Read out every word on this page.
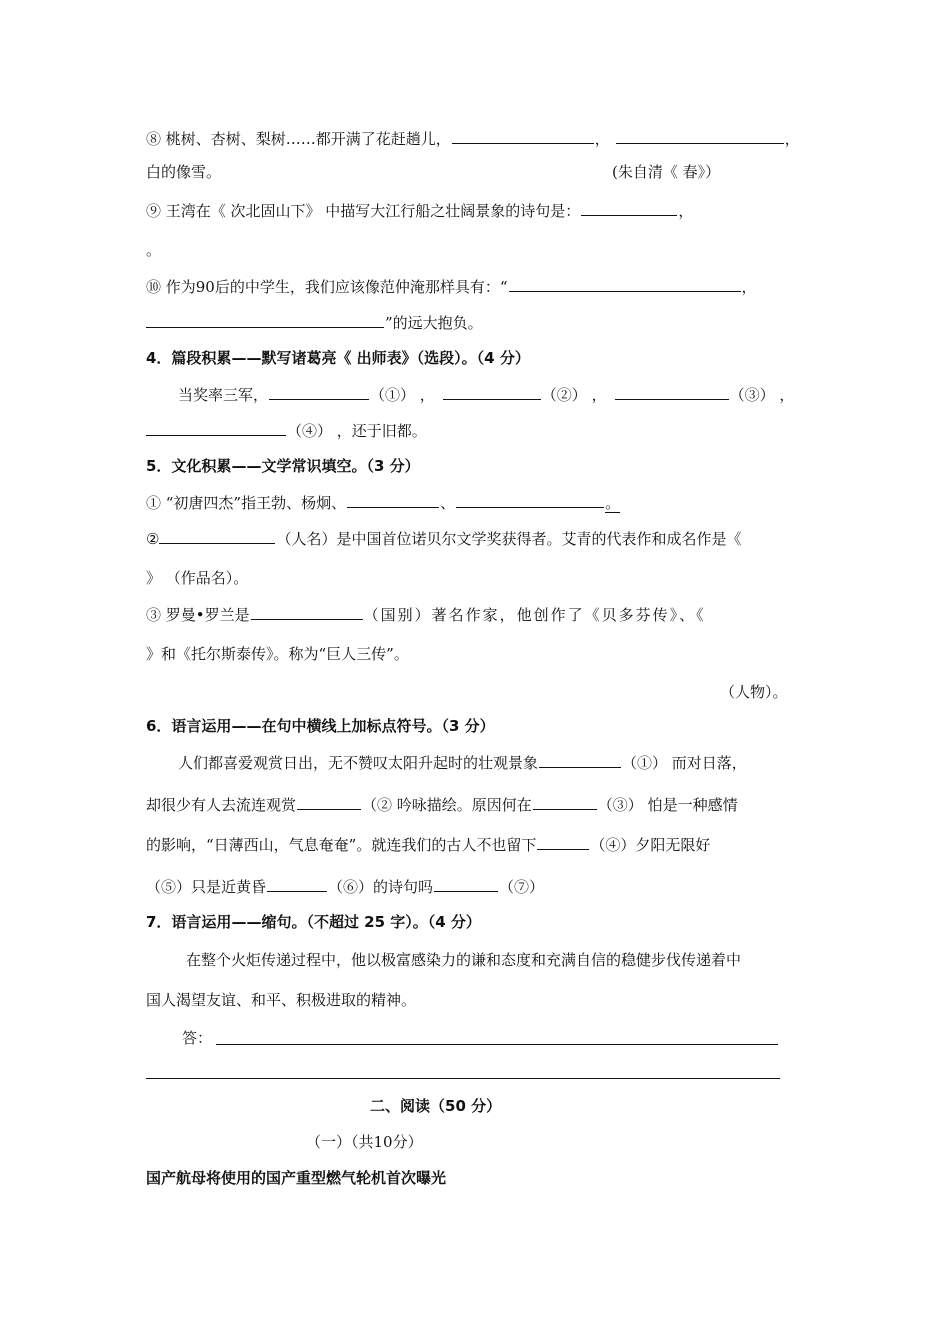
⑧ 桃树、杏树、梨树……都开满了花赶趟儿，	，	，
白的像雪。	(朱自清《 春》）
⑨ 王湾在《 次北固山下》 中描写大江行船之壮阔景象的诗句是：	，
。
⑩ 作为90后的中学生，我们应该像范仲淹那样具有：“	，
”的远大抱负。
4．篇段积累——默写诸葛亮《 出师表》（选段）。（4 分）
当奖率三军，	（①） ，	（②） ，	（③） ，
（④） ，还于旧都。
5．文化积累——文学常识填空。（3 分）
① “初唐四杰”指王勃、杨炯、	、	。
②	（人名）是中国首位诺贝尔文学奖获得者。艾青的代表作和成名作是《
》 （作品名）。
③ 罗曼•罗兰是	（国别）著名作家，他创作了《贝多芬传》、《
》和《托尔斯泰传》。称为“巨人三传”。
（人物）。
6．语言运用——在句中横线上加标点符号。（3 分）
人们都喜爱观赏日出，无不赞叹太阳升起时的壮观景象	（①） 而对日落，
却很少有人去流连观赏	（② 吟咏描绘。原因何在	（③） 怕是一种感情
的影响，“日薄西山，气息奄奄”。就连我们的古人不也留下	（④）夕阳无限好
（⑤）只是近黄昏	（⑥）的诗句吗	（⑦）
7．语言运用——缩句。（不超过 25 字）。（4 分）
在整个火炬传递过程中，他以极富感染力的谦和态度和充满自信的稳健步伐传递着中
国人渴望友谊、和平、积极进取的精神。
答：
二、阅读（50 分）
（一）（共10分）
国产航母将使用的国产重型燃气轮机首次曝光
